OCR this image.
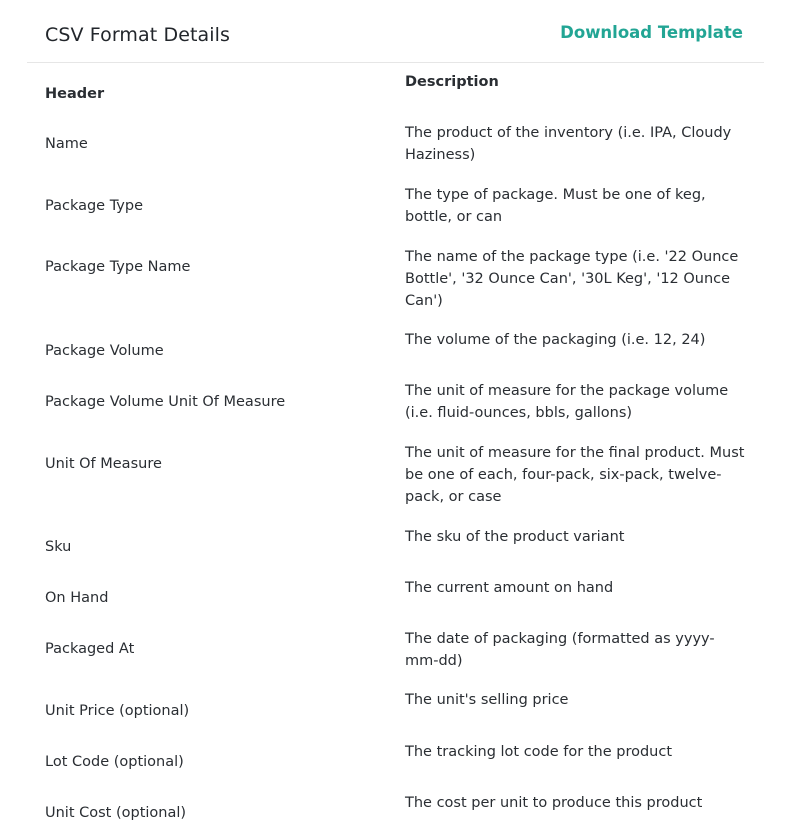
CSV Format Details	Download Template
Header
Description
Name
The product of the inventory (i.e. IPA, Cloudy Haziness)
Package Type
The type of package. Must be one of keg, bottle, or can
Package Type Name
The name of the package type (i.e. '22 Ounce Bottle', '32 Ounce Can', '30L Keg', '12 Ounce Can')
Package Volume
The volume of the packaging (i.e. 12, 24)
Package Volume Unit Of Measure
The unit of measure for the package volume (i.e. fluid-ounces, bbls, gallons)
Unit Of Measure
The unit of measure for the final product. Must be one of each, four-pack, six-pack, twelve-pack, or case
Sku
The sku of the product variant
On Hand
The current amount on hand
Packaged At
The date of packaging (formatted as yyyy-mm-dd)
Unit Price (optional)
The unit's selling price
Lot Code (optional)
The tracking lot code for the product
Unit Cost (optional)
The cost per unit to produce this product
